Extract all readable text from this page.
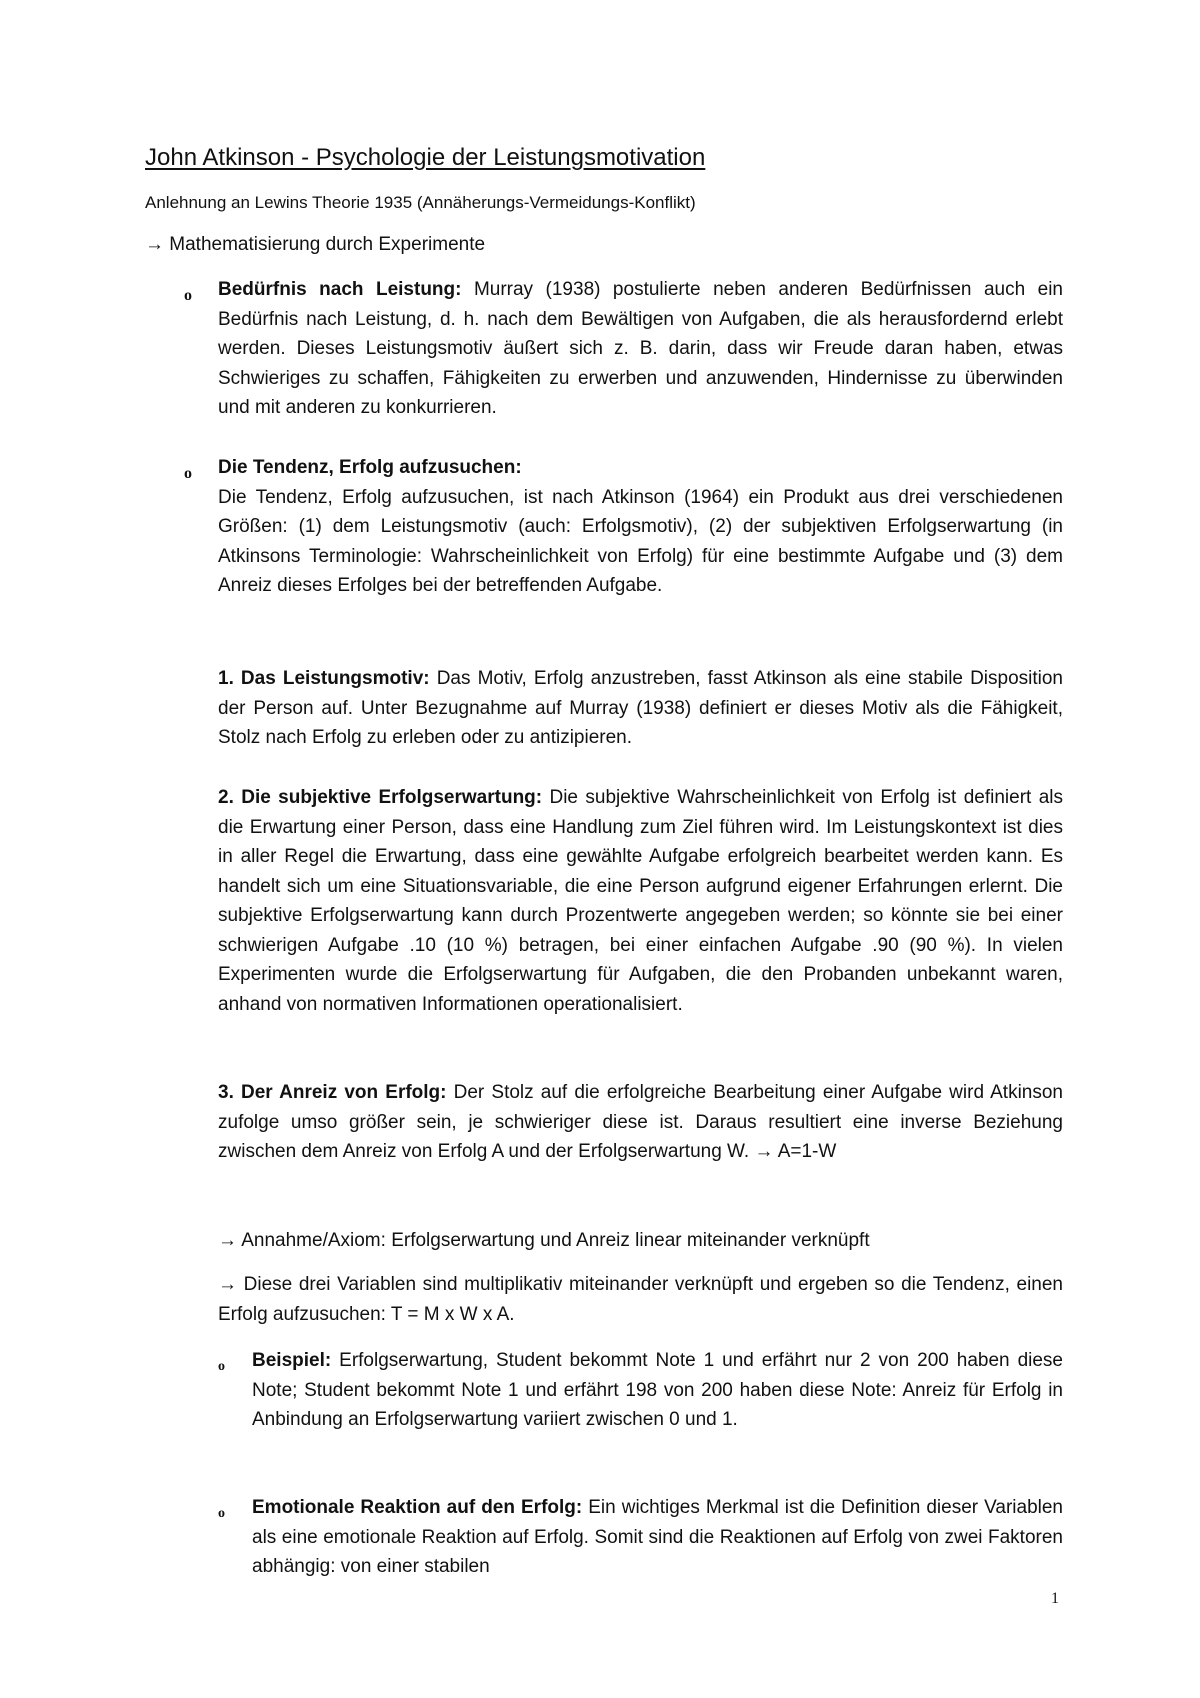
John Atkinson - Psychologie der Leistungsmotivation
Anlehnung an Lewins Theorie 1935 (Annäherungs-Vermeidungs-Konflikt)
→ Mathematisierung durch Experimente
o Bedürfnis nach Leistung: Murray (1938) postulierte neben anderen Bedürfnissen auch ein Bedürfnis nach Leistung, d. h. nach dem Bewältigen von Aufgaben, die als herausfordernd erlebt werden. Dieses Leistungsmotiv äußert sich z. B. darin, dass wir Freude daran haben, etwas Schwieriges zu schaffen, Fähigkeiten zu erwerben und anzuwenden, Hindernisse zu überwinden und mit anderen zu konkurrieren.
o Die Tendenz, Erfolg aufzusuchen:
Die Tendenz, Erfolg aufzusuchen, ist nach Atkinson (1964) ein Produkt aus drei verschiedenen Größen: (1) dem Leistungsmotiv (auch: Erfolgsmotiv), (2) der subjektiven Erfolgserwartung (in Atkinsons Terminologie: Wahrscheinlichkeit von Erfolg) für eine bestimmte Aufgabe und (3) dem Anreiz dieses Erfolges bei der betreffenden Aufgabe.
1. Das Leistungsmotiv: Das Motiv, Erfolg anzustreben, fasst Atkinson als eine stabile Disposition der Person auf. Unter Bezugnahme auf Murray (1938) definiert er dieses Motiv als die Fähigkeit, Stolz nach Erfolg zu erleben oder zu antizipieren.
2. Die subjektive Erfolgserwartung: Die subjektive Wahrscheinlichkeit von Erfolg ist definiert als die Erwartung einer Person, dass eine Handlung zum Ziel führen wird. Im Leistungskontext ist dies in aller Regel die Erwartung, dass eine gewählte Aufgabe erfolgreich bearbeitet werden kann. Es handelt sich um eine Situationsvariable, die eine Person aufgrund eigener Erfahrungen erlernt. Die subjektive Erfolgserwartung kann durch Prozentwerte angegeben werden; so könnte sie bei einer schwierigen Aufgabe .10 (10 %) betragen, bei einer einfachen Aufgabe .90 (90 %). In vielen Experimenten wurde die Erfolgserwartung für Aufgaben, die den Probanden unbekannt waren, anhand von normativen Informationen operationalisiert.
3. Der Anreiz von Erfolg: Der Stolz auf die erfolgreiche Bearbeitung einer Aufgabe wird Atkinson zufolge umso größer sein, je schwieriger diese ist. Daraus resultiert eine inverse Beziehung zwischen dem Anreiz von Erfolg A und der Erfolgserwartung W. → A=1-W
→ Annahme/Axiom: Erfolgserwartung und Anreiz linear miteinander verknüpft
→ Diese drei Variablen sind multiplikativ miteinander verknüpft und ergeben so die Tendenz, einen Erfolg aufzusuchen: T = M x W x A.
o Beispiel: Erfolgserwartung, Student bekommt Note 1 und erfährt nur 2 von 200 haben diese Note; Student bekommt Note 1 und erfährt 198 von 200 haben diese Note: Anreiz für Erfolg in Anbindung an Erfolgserwartung variiert zwischen 0 und 1.
o Emotionale Reaktion auf den Erfolg: Ein wichtiges Merkmal ist die Definition dieser Variablen als eine emotionale Reaktion auf Erfolg. Somit sind die Reaktionen auf Erfolg von zwei Faktoren abhängig: von einer stabilen
1
